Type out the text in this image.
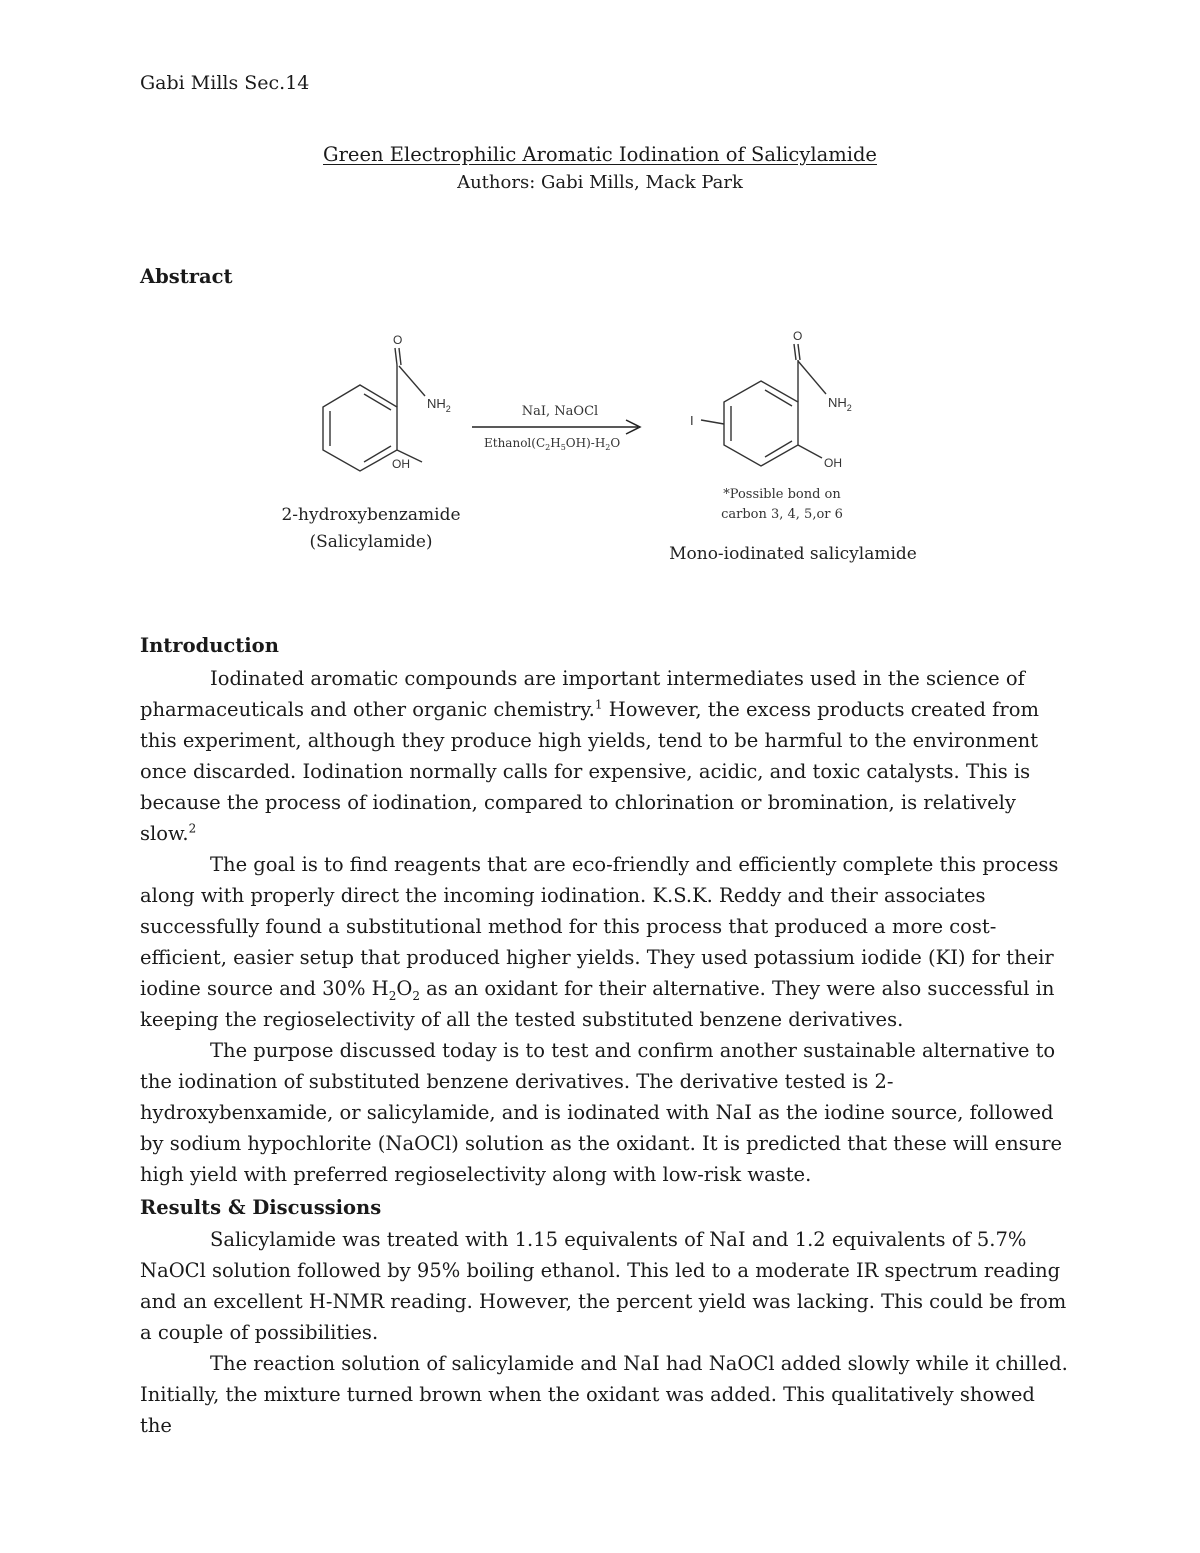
Gabi Mills Sec.14
Green Electrophilic Aromatic Iodination of Salicylamide
Authors: Gabi Mills, Mack Park
Abstract
O
$NH_2$
OH
NaI, NaOCl
$Ethanol(C_2H_5OH)-H_2O$
O
$NH_2$
OH
I
*Possible bond on
carbon 3, 4, 5,or 6
2-hydroxybenzamide
(Salicylamide)
Mono-iodinated salicylamide
Introduction

Iodinated aromatic compounds are important intermediates used in the science of pharmaceuticals and other organic chemistry.$^1$ However, the excess products created from this experiment, although they produce high yields, tend to be harmful to the environment once discarded. Iodination normally calls for expensive, acidic, and toxic catalysts. This is because the process of iodination, compared to chlorination or bromination, is relatively slow.$^2$

The goal is to find reagents that are eco-friendly and efficiently complete this process along with properly direct the incoming iodination. K.S.K. Reddy and their associates successfully found a substitutional method for this process that produced a more cost-efficient, easier setup that produced higher yields. They used potassium iodide (KI) for their iodine source and 30% $H_2O_2$ as an oxidant for their alternative. They were also successful in keeping the regioselectivity of all the tested substituted benzene derivatives.

The purpose discussed today is to test and confirm another sustainable alternative to the iodination of substituted benzene derivatives. The derivative tested is 2-hydroxybenxamide, or salicylamide, and is iodinated with NaI as the iodine source, followed by sodium hypochlorite (NaOCl) solution as the oxidant. It is predicted that these will ensure high yield with preferred regioselectivity along with low-risk waste.

Results & Discussions

Salicylamide was treated with 1.15 equivalents of NaI and 1.2 equivalents of 5.7% NaOCl solution followed by 95% boiling ethanol. This led to a moderate IR spectrum reading and an excellent H-NMR reading. However, the percent yield was lacking. This could be from a couple of possibilities.

The reaction solution of salicylamide and NaI had NaOCl added slowly while it chilled. Initially, the mixture turned brown when the oxidant was added. This qualitatively showed the
